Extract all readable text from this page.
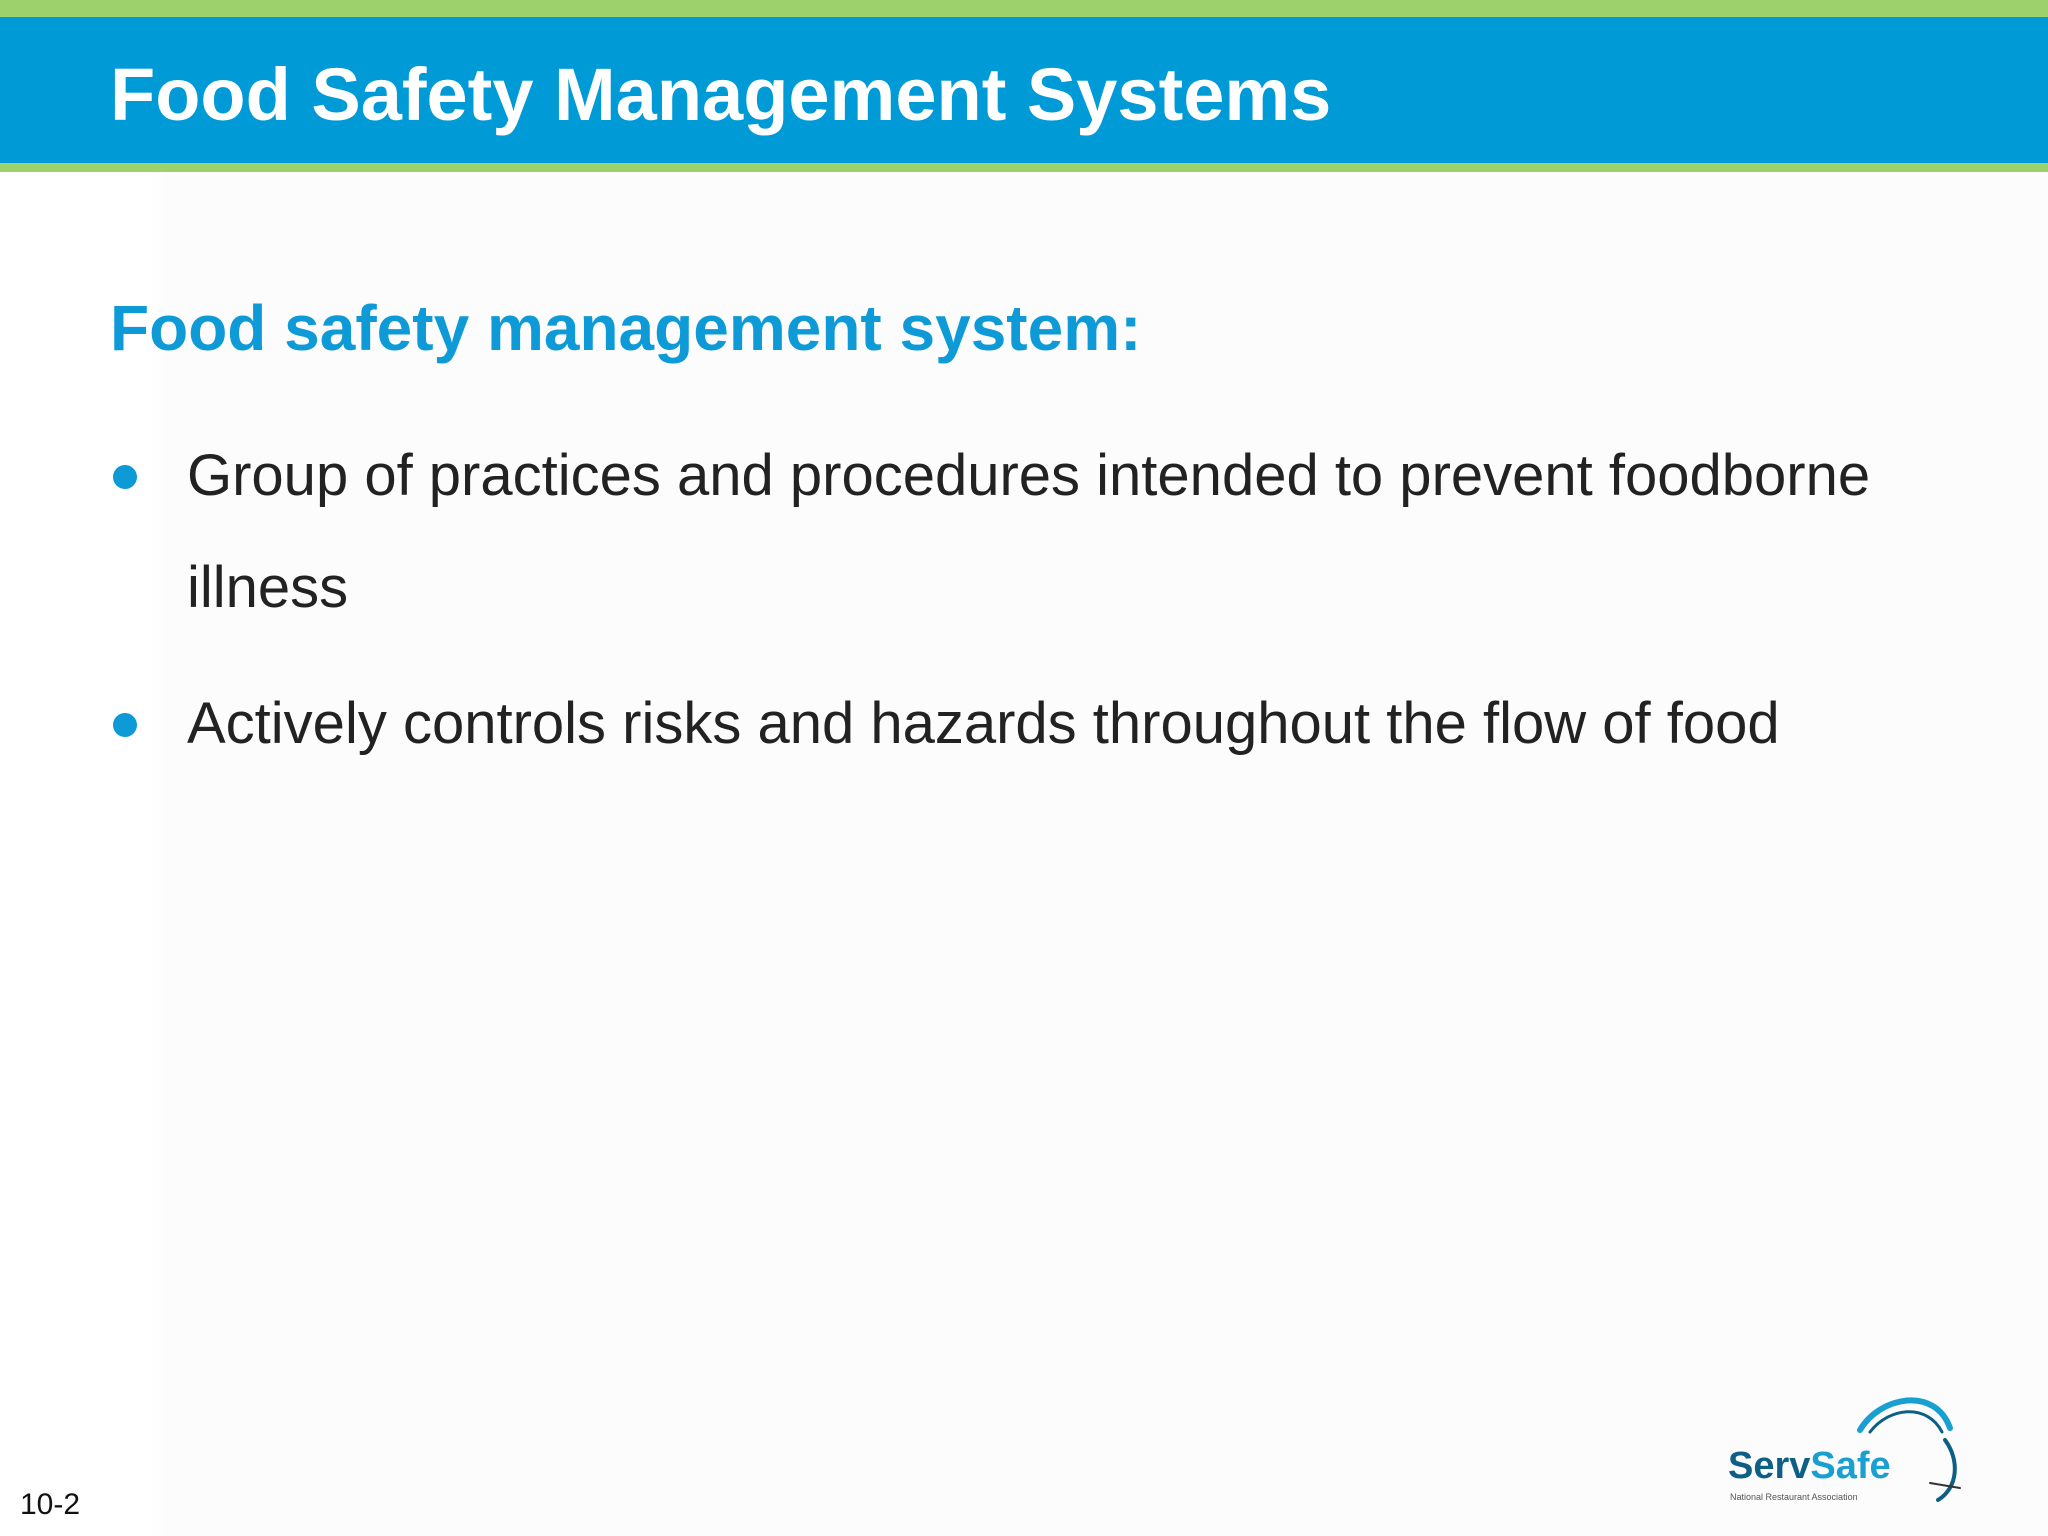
Food Safety Management Systems
Food safety management system:
Group of practices and procedures intended to prevent foodborne illness
Actively controls risks and hazards throughout the flow of food
10-2
ServSafe
National Restaurant Association
